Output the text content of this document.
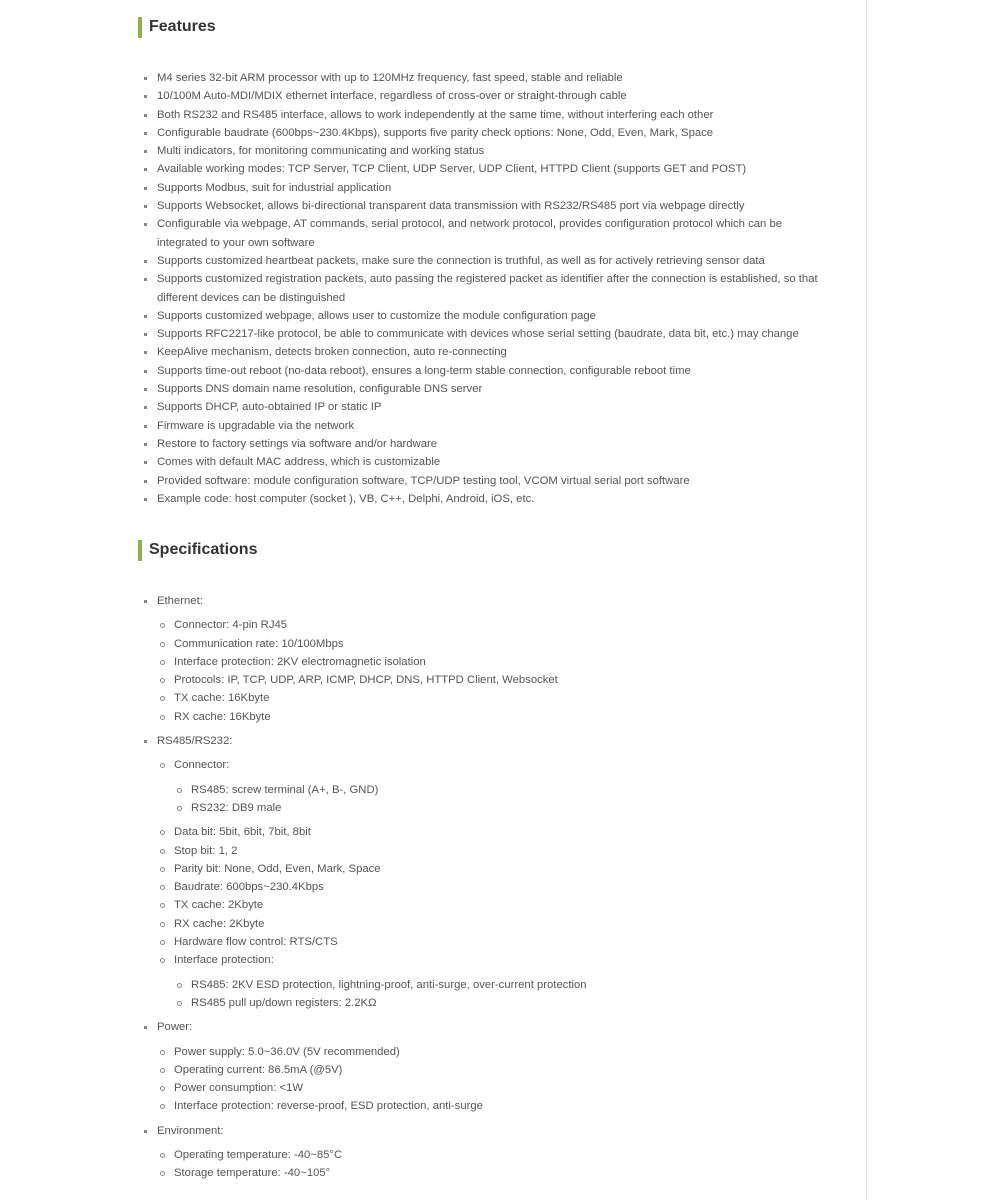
Features
M4 series 32-bit ARM processor with up to 120MHz frequency, fast speed, stable and reliable
10/100M Auto-MDI/MDIX ethernet interface, regardless of cross-over or straight-through cable
Both RS232 and RS485 interface, allows to work independently at the same time, without interfering each other
Configurable baudrate (600bps~230.4Kbps), supports five parity check options: None, Odd, Even, Mark, Space
Multi indicators, for monitoring communicating and working status
Available working modes: TCP Server, TCP Client, UDP Server, UDP Client, HTTPD Client (supports GET and POST)
Supports Modbus, suit for industrial application
Supports Websocket, allows bi-directional transparent data transmission with RS232/RS485 port via webpage directly
Configurable via webpage, AT commands, serial protocol, and network protocol, provides configuration protocol which can be integrated to your own software
Supports customized heartbeat packets, make sure the connection is truthful, as well as for actively retrieving sensor data
Supports customized registration packets, auto passing the registered packet as identifier after the connection is established, so that different devices can be distinguished
Supports customized webpage, allows user to customize the module configuration page
Supports RFC2217-like protocol, be able to communicate with devices whose serial setting (baudrate, data bit, etc.) may change
KeepAlive mechanism, detects broken connection, auto re-connecting
Supports time-out reboot (no-data reboot), ensures a long-term stable connection, configurable reboot time
Supports DNS domain name resolution, configurable DNS server
Supports DHCP, auto-obtained IP or static IP
Firmware is upgradable via the network
Restore to factory settings via software and/or hardware
Comes with default MAC address, which is customizable
Provided software: module configuration software, TCP/UDP testing tool, VCOM virtual serial port software
Example code: host computer (socket ), VB, C++, Delphi, Android, iOS, etc.
Specifications
Ethernet:
Connector: 4-pin RJ45
Communication rate: 10/100Mbps
Interface protection: 2KV electromagnetic isolation
Protocols: IP, TCP, UDP, ARP, ICMP, DHCP, DNS, HTTPD Client, Websocket
TX cache: 16Kbyte
RX cache: 16Kbyte
RS485/RS232:
Connector:
RS485: screw terminal (A+, B-, GND)
RS232: DB9 male
Data bit: 5bit, 6bit, 7bit, 8bit
Stop bit: 1, 2
Parity bit: None, Odd, Even, Mark, Space
Baudrate: 600bps~230.4Kbps
TX cache: 2Kbyte
RX cache: 2Kbyte
Hardware flow control: RTS/CTS
Interface protection:
RS485: 2KV ESD protection, lightning-proof, anti-surge, over-current protection
RS485 pull up/down registers: 2.2KΩ
Power:
Power supply: 5.0~36.0V (5V recommended)
Operating current: 86.5mA (@5V)
Power consumption: <1W
Interface protection: reverse-proof, ESD protection, anti-surge
Environment:
Operating temperature: -40~85°C
Storage temperature: -40~105°
